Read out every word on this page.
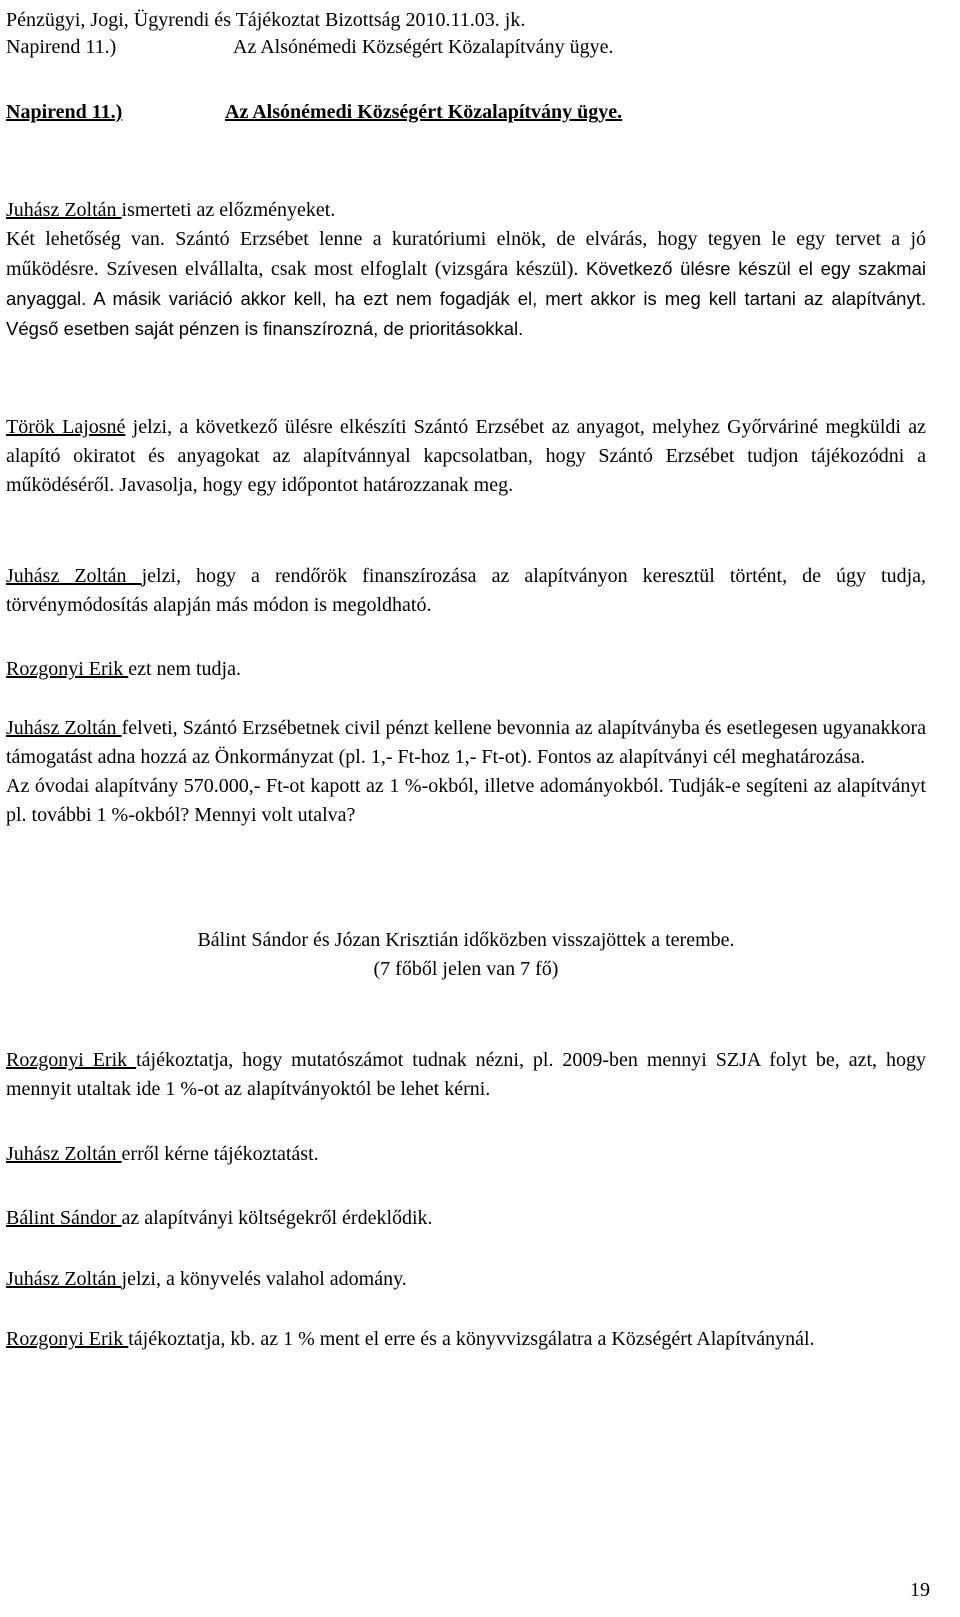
Pénzügyi, Jogi, Ügyrendi és Tájékoztat Bizottság 2010.11.03. jk.
Napirend 11.)	Az Alsónémedi Községért Közalapítvány ügye.
Napirend 11.)	Az Alsónémedi Községért Közalapítvány ügye.

Juhász Zoltán ismerteti az előzményeket.

Két lehetőség van. Szántó Erzsébet lenne a kuratóriumi elnök, de elvárás, hogy tegyen le egy tervet a jó működésre. Szívesen elvállalta, csak most elfoglalt (vizsgára készül). Következő ülésre készül el egy szakmai anyaggal. A másik variáció akkor kell, ha ezt nem fogadják el, mert akkor is meg kell tartani az alapítványt. Végső esetben saját pénzen is finanszírozná, de prioritásokkal.

Török Lajosné jelzi, a következő ülésre elkészíti Szántó Erzsébet az anyagot, melyhez Győrváriné megküldi az alapító okiratot és anyagokat az alapítvánnyal kapcsolatban, hogy Szántó Erzsébet tudjon tájékozódni a működéséről. Javasolja, hogy egy időpontot határozzanak meg.

Juhász Zoltán jelzi, hogy a rendőrök finanszírozása az alapítványon keresztül történt, de úgy tudja, törvénymódosítás alapján más módon is megoldható.

Rozgonyi Erik ezt nem tudja.

Juhász Zoltán felveti, Szántó Erzsébetnek civil pénzt kellene bevonnia az alapítványba és esetlegesen ugyanakkora támogatást adna hozzá az Önkormányzat (pl. 1,- Ft-hoz 1,- Ft-ot). Fontos az alapítványi cél meghatározása.

Az óvodai alapítvány 570.000,- Ft-ot kapott az 1 %-okból, illetve adományokból. Tudják-e segíteni az alapítványt pl. további 1 %-okból? Mennyi volt utalva?

Bálint Sándor és Józan Krisztián időközben visszajöttek a terembe.

(7 főből jelen van 7 fő)

Rozgonyi Erik tájékoztatja, hogy mutatószámot tudnak nézni, pl. 2009-ben mennyi SZJA folyt be, azt, hogy mennyit utaltak ide 1 %-ot az alapítványoktól be lehet kérni.

Juhász Zoltán erről kérne tájékoztatást.

Bálint Sándor az alapítványi költségekről érdeklődik.

Juhász Zoltán jelzi, a könyvelés valahol adomány.

Rozgonyi Erik tájékoztatja, kb. az 1 % ment el erre és a könyvvizsgálatra a Községért Alapítványnál.

19
